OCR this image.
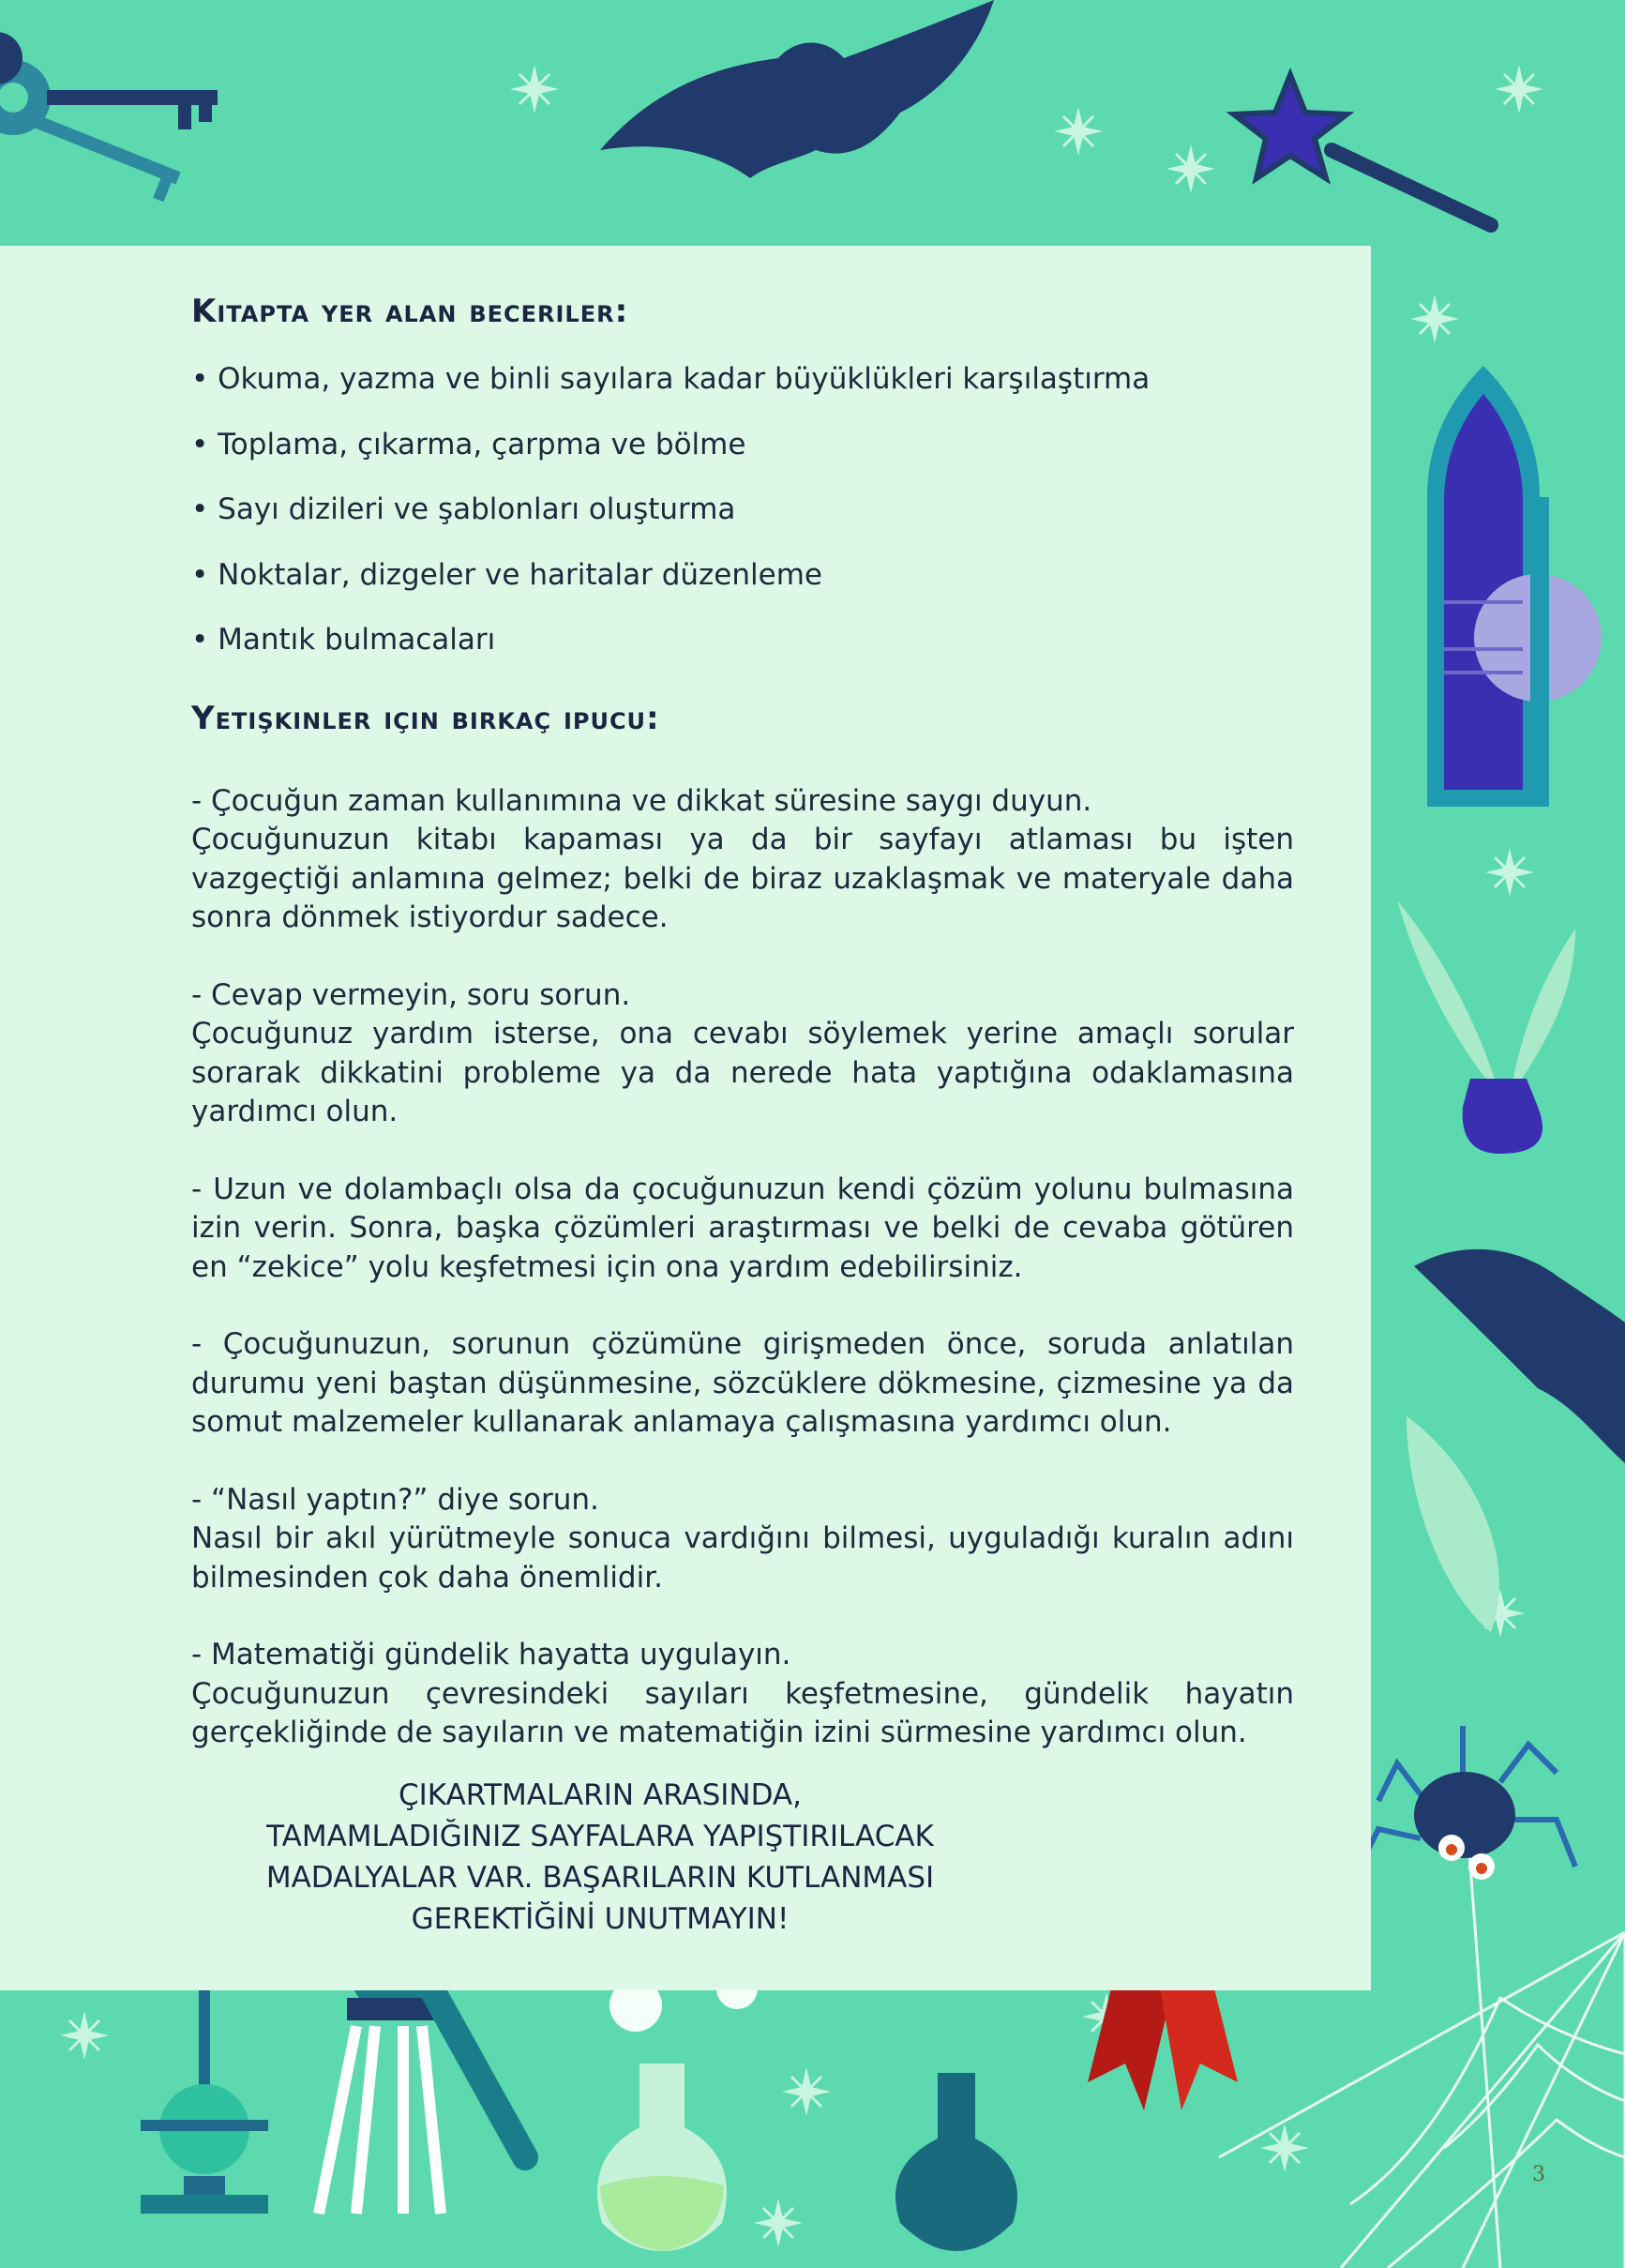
Kitapta yer alan beceriler:
• Okuma, yazma ve binli sayılara kadar büyüklükleri karşılaştırma
• Toplama, çıkarma, çarpma ve bölme
• Sayı dizileri ve şablonları oluşturma
• Noktalar, dizgeler ve haritalar düzenleme
• Mantık bulmacaları
Yetişkinler için birkaç ipucu:

- Çocuğun zaman kullanımına ve dikkat süresine saygı duyun.
Çocuğunuzun kitabı kapaması ya da bir sayfayı atlaması bu işten vazgeçtiği anlamına gelmez; belki de biraz uzaklaşmak ve materyale daha sonra dönmek istiyordur sadece.

- Cevap vermeyin, soru sorun.
Çocuğunuz yardım isterse, ona cevabı söylemek yerine amaçlı sorular sorarak dikkatini probleme ya da nerede hata yaptığına odaklamasına yardımcı olun.

- Uzun ve dolambaçlı olsa da çocuğunuzun kendi çözüm yolunu bulmasına izin verin. Sonra, başka çözümleri araştırması ve belki de cevaba götüren en “zekice” yolu keşfetmesi için ona yardım edebilirsiniz.

- Çocuğunuzun, sorunun çözümüne girişmeden önce, soruda anlatılan durumu yeni baştan düşünmesine, sözcüklere dökmesine, çizmesine ya da somut malzemeler kullanarak anlamaya çalışmasına yardımcı olun.

- “Nasıl yaptın?” diye sorun.
Nasıl bir akıl yürütmeyle sonuca vardığını bilmesi, uyguladığı kuralın adını bilmesinden çok daha önemlidir.

- Matematiği gündelik hayatta uygulayın.
Çocuğunuzun çevresindeki sayıları keşfetmesine, gündelik hayatın gerçekliğinde de sayıların ve matematiğin izini sürmesine yardımcı olun.

ÇIKARTMALARIN ARASINDA,
TAMAMLADIĞINIZ SAYFALARA YAPIŞTIRILACAK
MADALYALAR VAR. BAŞARILARIN KUTLANMASI
GEREKTİĞİNİ UNUTMAYIN!
3
